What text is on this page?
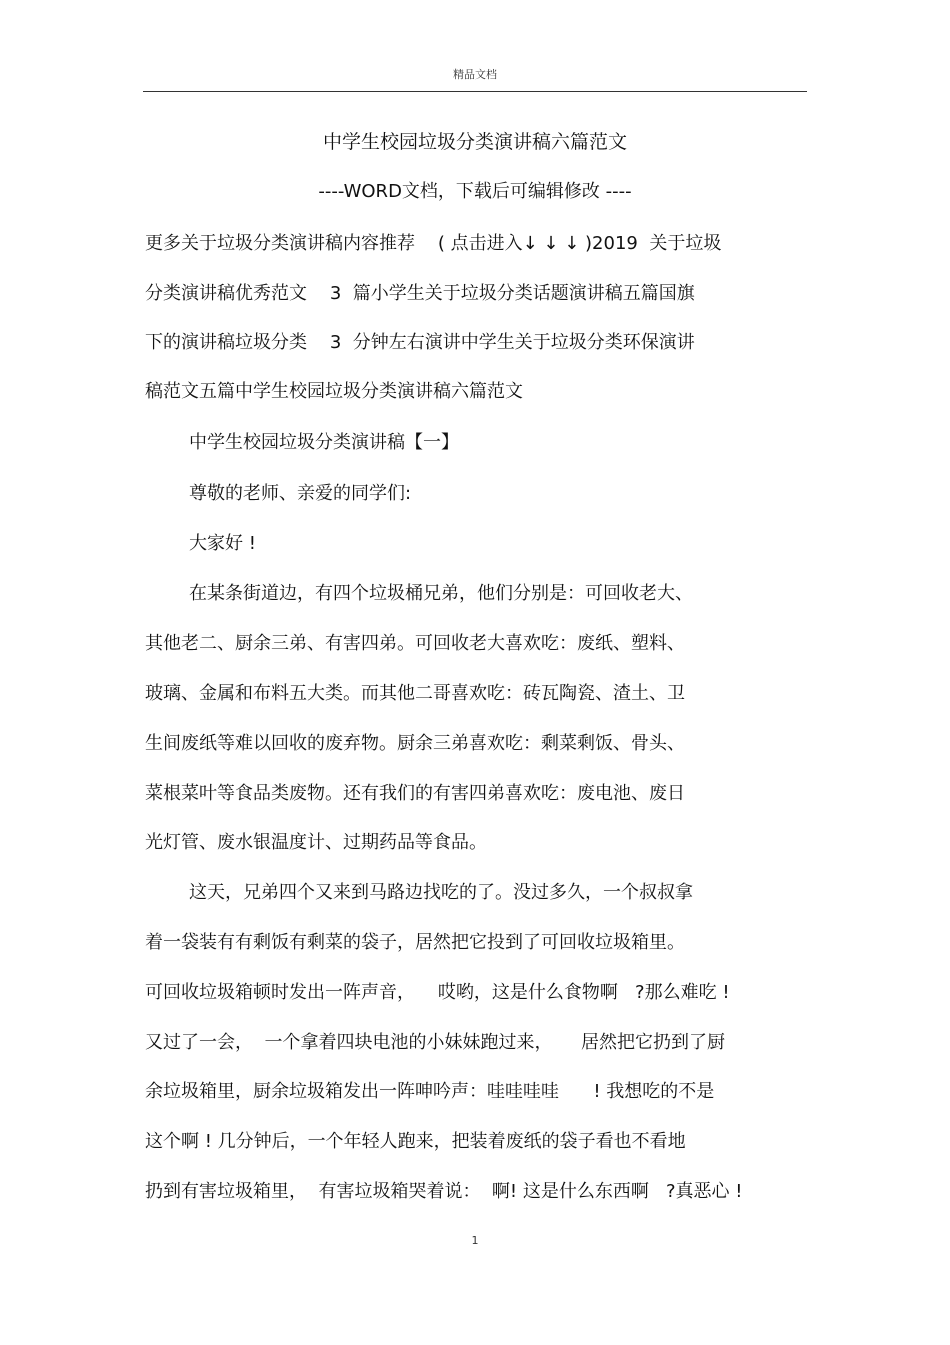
精品文档
中学生校园垃圾分类演讲稿六篇范文
----WORD文档，下载后可编辑修改 ----
更多关于垃圾分类演讲稿内容推荐    ( 点击进入↓ ↓ ↓ )2019  关于垃圾
分类演讲稿优秀范文    3  篇小学生关于垃圾分类话题演讲稿五篇国旗
下的演讲稿垃圾分类    3  分钟左右演讲中学生关于垃圾分类环保演讲
稿范文五篇中学生校园垃圾分类演讲稿六篇范文
中学生校园垃圾分类演讲稿【一】
尊敬的老师、亲爱的同学们:
大家好 !
在某条街道边，有四个垃圾桶兄弟，他们分别是：可回收老大、
其他老二、厨余三弟、有害四弟。可回收老大喜欢吃：废纸、塑料、
玻璃、金属和布料五大类。而其他二哥喜欢吃：砖瓦陶瓷、渣土、卫
生间废纸等难以回收的废弃物。厨余三弟喜欢吃：剩菜剩饭、骨头、
菜根菜叶等食品类废物。还有我们的有害四弟喜欢吃：废电池、废日
光灯管、废水银温度计、过期药品等食品。
这天，兄弟四个又来到马路边找吃的了。没过多久，一个叔叔拿
着一袋装有有剩饭有剩菜的袋子，居然把它投到了可回收垃圾箱里。
可回收垃圾箱顿时发出一阵声音，    哎哟，这是什么食物啊   ?那么难吃 !
又过了一会，  一个拿着四块电池的小妹妹跑过来，     居然把它扔到了厨
余垃圾箱里，厨余垃圾箱发出一阵呻吟声：哇哇哇哇      ! 我想吃的不是
这个啊 ! 几分钟后，一个年轻人跑来，把装着废纸的袋子看也不看地
扔到有害垃圾箱里，  有害垃圾箱哭着说：  啊! 这是什么东西啊   ?真恶心 !
1
